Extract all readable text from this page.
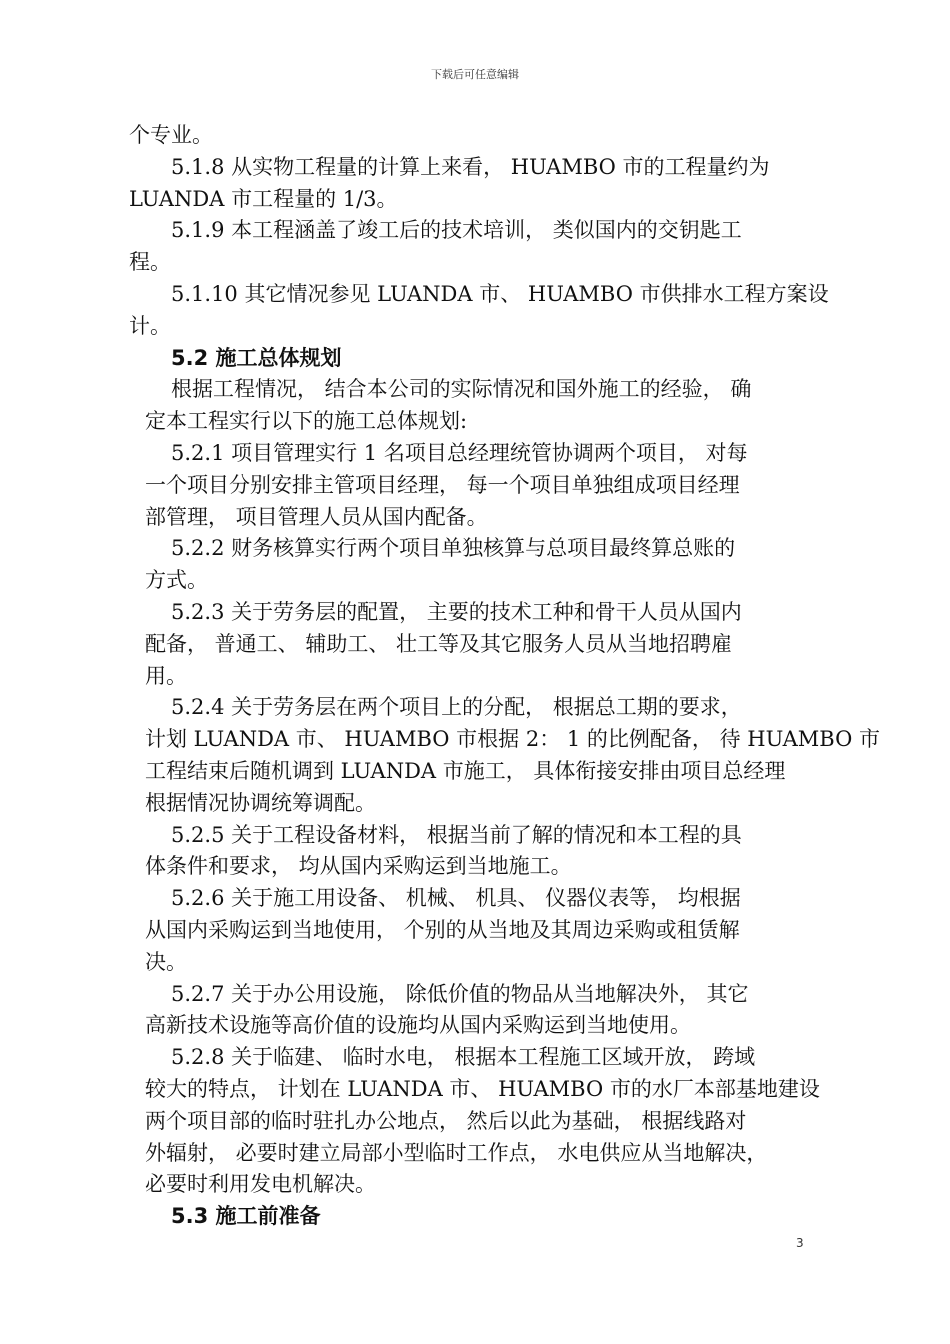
下载后可任意编辑
个专业。
5.1.8 从实物工程量的计算上来看， HUAMBO 市的工程量约为
LUANDA 市工程量的 1/3。
5.1.9 本工程涵盖了竣工后的技术培训， 类似国内的交钥匙工
程。
5.1.10 其它情况参见 LUANDA 市、 HUAMBO 市供排水工程方案设
计。
5.2 施工总体规划
根据工程情况， 结合本公司的实际情况和国外施工的经验， 确
定本工程实行以下的施工总体规划:
5.2.1 项目管理实行 1 名项目总经理统管协调两个项目， 对每
一个项目分别安排主管项目经理， 每一个项目单独组成项目经理
部管理， 项目管理人员从国内配备。
5.2.2 财务核算实行两个项目单独核算与总项目最终算总账的
方式。
5.2.3 关于劳务层的配置， 主要的技术工种和骨干人员从国内
配备， 普通工、 辅助工、 壮工等及其它服务人员从当地招聘雇
用。
5.2.4 关于劳务层在两个项目上的分配， 根据总工期的要求，
计划 LUANDA 市、 HUAMBO 市根据 2： 1 的比例配备， 待 HUAMBO 市
工程结束后随机调到 LUANDA 市施工， 具体衔接安排由项目总经理
根据情况协调统筹调配。
5.2.5 关于工程设备材料， 根据当前了解的情况和本工程的具
体条件和要求， 均从国内采购运到当地施工。
5.2.6 关于施工用设备、 机械、 机具、 仪器仪表等， 均根据
从国内采购运到当地使用， 个别的从当地及其周边采购或租赁解
决。
5.2.7 关于办公用设施， 除低价值的物品从当地解决外， 其它
高新技术设施等高价值的设施均从国内采购运到当地使用。
5.2.8 关于临建、 临时水电， 根据本工程施工区域开放， 跨域
较大的特点， 计划在 LUANDA 市、 HUAMBO 市的水厂本部基地建设
两个项目部的临时驻扎办公地点， 然后以此为基础， 根据线路对
外辐射， 必要时建立局部小型临时工作点， 水电供应从当地解决，
必要时利用发电机解决。
5.3 施工前准备
3
